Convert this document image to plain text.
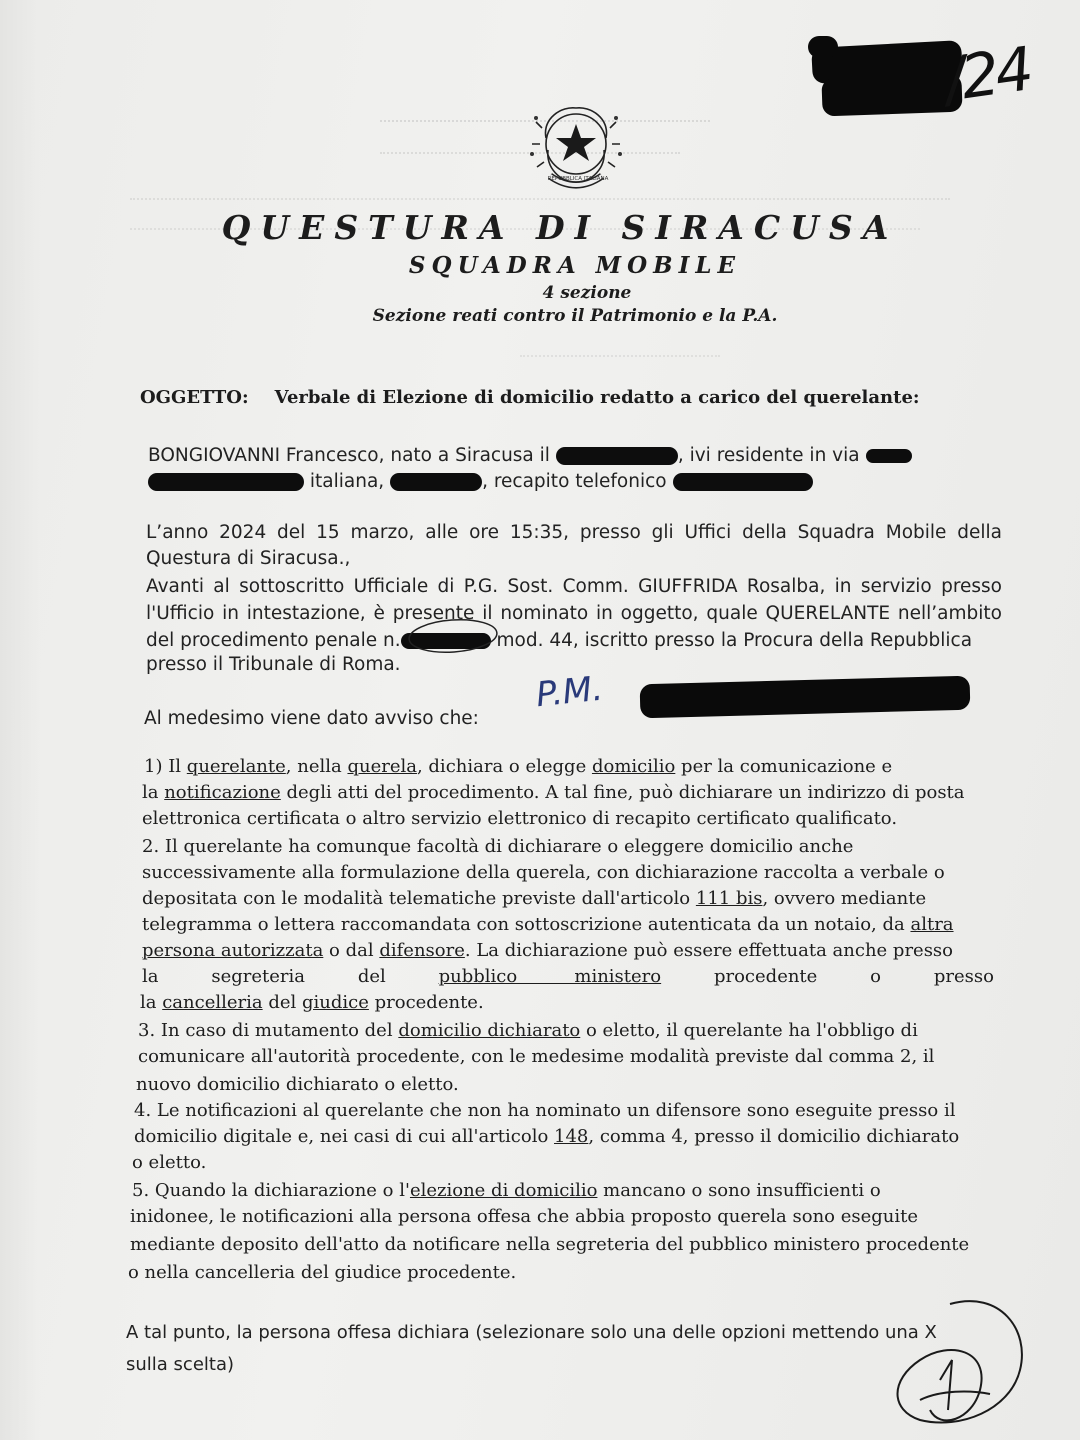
REPUBBLICA ITALIANA
/24
QUESTURA DI SIRACUSA
SQUADRA MOBILE
4 sezione
Sezione reati contro il Patrimonio e la P.A.
OGGETTO: Verbale di Elezione di domicilio redatto a carico del querelante:
BONGIOVANNI Francesco, nato a Siracusa il	, ivi residente in via
italiana,	, recapito telefonico
L’anno 2024 del 15 marzo, alle ore 15:35, presso gli Uffici della Squadra Mobile della
Questura di Siracusa.,
Avanti al sottoscritto Ufficiale di P.G. Sost. Comm. GIUFFRIDA Rosalba, in servizio presso
l'Ufficio in intestazione, è presente il nominato in oggetto, quale QUERELANTE nell’ambito
del procedimento penale n.	mod. 44, iscritto presso la Procura della Repubblica
presso il Tribunale di Roma.
P.M.
Al medesimo viene dato avviso che:
1) Il querelante, nella querela, dichiara o elegge domicilio per la comunicazione e
la notificazione degli atti del procedimento. A tal fine, può dichiarare un indirizzo di posta
elettronica certificata o altro servizio elettronico di recapito certificato qualificato.
2. Il querelante ha comunque facoltà di dichiarare o eleggere domicilio anche
successivamente alla formulazione della querela, con dichiarazione raccolta a verbale o
depositata con le modalità telematiche previste dall'articolo 111 bis, ovvero mediante
telegramma o lettera raccomandata con sottoscrizione autenticata da un notaio, da altra
persona autorizzata o dal difensore. La dichiarazione può essere effettuata anche presso
la	segreteria	del	pubblico          ministero	procedente	o	presso
la cancelleria del giudice procedente.
3. In caso di mutamento del domicilio dichiarato o eletto, il querelante ha l'obbligo di
comunicare all'autorità procedente, con le medesime modalità previste dal comma 2, il
nuovo domicilio dichiarato o eletto.
4. Le notificazioni al querelante che non ha nominato un difensore sono eseguite presso il
domicilio digitale e, nei casi di cui all'articolo 148, comma 4, presso il domicilio dichiarato
o eletto.
5. Quando la dichiarazione o l'elezione di domicilio mancano o sono insufficienti o
inidonee, le notificazioni alla persona offesa che abbia proposto querela sono eseguite
mediante deposito dell'atto da notificare nella segreteria del pubblico ministero procedente
o nella cancelleria del giudice procedente.
A tal punto, la persona offesa dichiara (selezionare solo una delle opzioni mettendo una X
sulla scelta)
